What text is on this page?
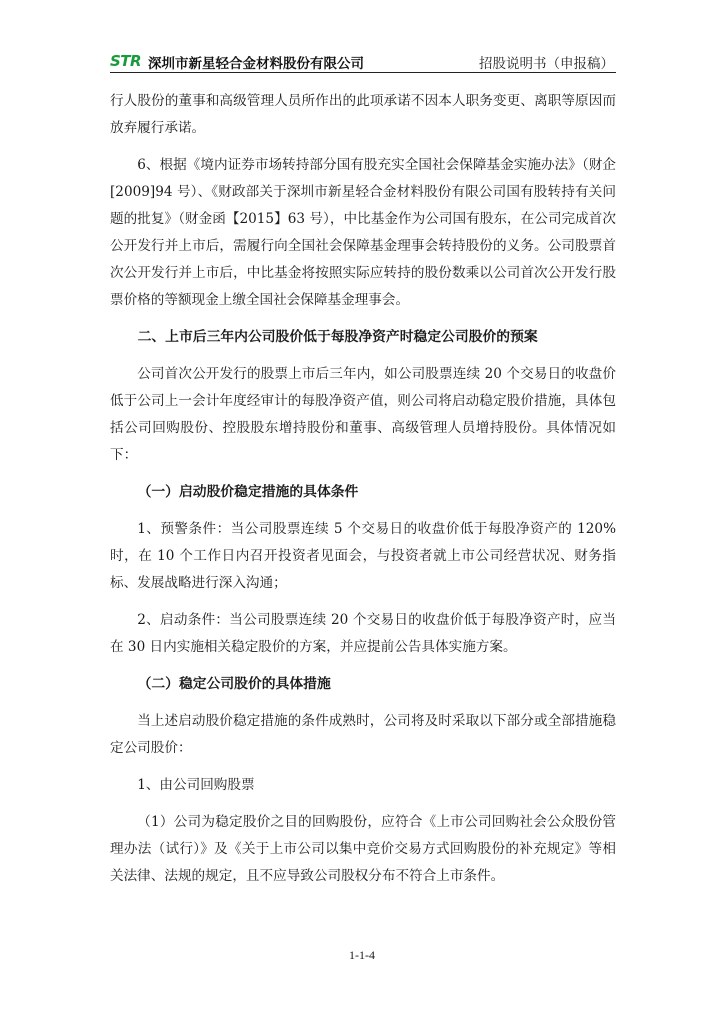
STR 深圳市新星轻合金材料股份有限公司	招股说明书（申报稿）

行人股份的董事和高级管理人员所作出的此项承诺不因本人职务变更、离职等原因而放弃履行承诺。

6、根据《境内证券市场转持部分国有股充实全国社会保障基金实施办法》（财企[2009]94 号）、《财政部关于深圳市新星轻合金材料股份有限公司国有股转持有关问题的批复》（财金函【2015】63 号），中比基金作为公司国有股东，在公司完成首次公开发行并上市后，需履行向全国社会保障基金理事会转持股份的义务。公司股票首次公开发行并上市后，中比基金将按照实际应转持的股份数乘以公司首次公开发行股票价格的等额现金上缴全国社会保障基金理事会。

二、上市后三年内公司股价低于每股净资产时稳定公司股价的预案

公司首次公开发行的股票上市后三年内，如公司股票连续 20 个交易日的收盘价低于公司上一会计年度经审计的每股净资产值，则公司将启动稳定股价措施，具体包括公司回购股份、控股股东增持股份和董事、高级管理人员增持股份。具体情况如下：

（一）启动股价稳定措施的具体条件

1、预警条件：当公司股票连续 5 个交易日的收盘价低于每股净资产的 120%时，在 10 个工作日内召开投资者见面会，与投资者就上市公司经营状况、财务指标、发展战略进行深入沟通；

2、启动条件：当公司股票连续 20 个交易日的收盘价低于每股净资产时，应当在 30 日内实施相关稳定股价的方案，并应提前公告具体实施方案。

（二）稳定公司股价的具体措施

当上述启动股价稳定措施的条件成熟时，公司将及时采取以下部分或全部措施稳定公司股价：

1、由公司回购股票

（1）公司为稳定股价之目的回购股份，应符合《上市公司回购社会公众股份管理办法（试行）》及《关于上市公司以集中竞价交易方式回购股份的补充规定》等相关法律、法规的规定，且不应导致公司股权分布不符合上市条件。

1-1-4
